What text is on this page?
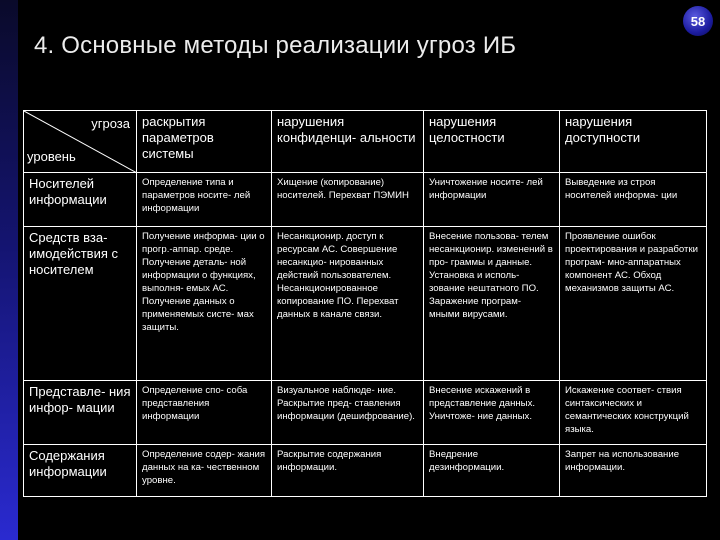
58
4. Основные методы реализации угроз ИБ
угроза
уровень	раскрытия параметров системы	нарушения конфиденци- альности	нарушения целостности	нарушения доступности
Носителей информации	Определение типа и параметров носите- лей информации	Хищение (копирование) носителей. Перехват ПЭМИН	Уничтожение носите- лей информации	Выведение из строя носителей информа- ции
Средств вза- имодействия с носителем	Получение информа- ции о прогр.-аппар. среде. Получение деталь- ной информации о функциях, выполня- емых АС. Получение данных о применяемых систе- мах защиты.	Несанкционир. доступ к ресурсам АС. Совершение несанкцио- нированных действий пользователем. Несанкционированное копирование ПО. Перехват данных в канале связи.	Внесение пользова- телем несанкционир. изменений в про- граммы и данные. Установка и исполь- зование нештатного ПО. Заражение програм- мными вирусами.	Проявление ошибок проектирования и разработки програм- мно-аппаратных компонент АС. Обход механизмов защиты АС.
Представле- ния инфор- мации	Определение спо- соба представления информации	Визуальное наблюде- ние. Раскрытие пред- ставления информации (дешифрование).	Внесение искажений в представление данных. Уничтоже- ние данных.	Искажение соответ- ствия синтаксических и семантических конструкций языка.
Содержания информации	Определение содер- жания данных на ка- чественном уровне.	Раскрытие содержания информации.	Внедрение дезинформации.	Запрет на использование информации.
